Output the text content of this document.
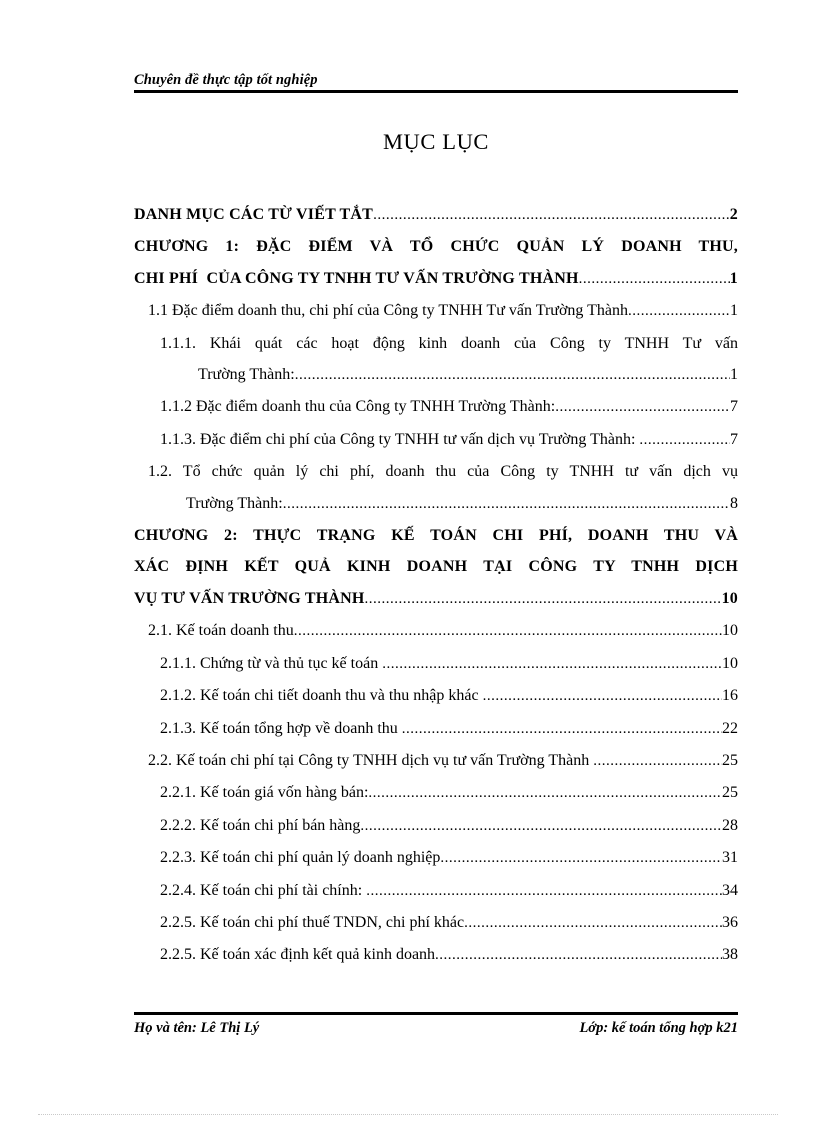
Chuyên đề thực tập tốt nghiệp
MỤC LỤC
DANH MỤC CÁC TỪ VIẾT TẮT .....	2
CHƯƠNG 1: ĐẶC ĐIỂM VÀ TỔ CHỨC QUẢN LÝ DOANH THU,
CHI PHÍ  CỦA CÔNG TY TNHH TƯ VẤN TRƯỜNG THÀNH .....	1
1.1 Đặc điểm doanh thu, chi phí của Công ty TNHH Tư vấn Trường Thành .....	1
1.1.1. Khái quát các hoạt động kinh doanh của Công ty TNHH Tư vấn
Trường Thành: .....	1
1.1.2 Đặc điểm doanh thu của Công ty TNHH Trường Thành: .....	7
1.1.3. Đặc điểm chi phí của Công ty TNHH tư vấn dịch vụ Trường Thành: .....	7
1.2. Tổ chức quản lý chi phí, doanh thu của Công ty TNHH tư vấn dịch vụ
Trường Thành: .....	8
CHƯƠNG 2: THỰC TRẠNG KẾ TOÁN CHI PHÍ, DOANH THU VÀ
XÁC ĐỊNH KẾT QUẢ KINH DOANH TẠI CÔNG TY TNHH DỊCH
VỤ TƯ VẤN TRƯỜNG THÀNH .....	10
2.1. Kế toán doanh thu .....	10
2.1.1. Chứng từ và thủ tục kế toán .....	10
2.1.2. Kế toán chi tiết doanh thu và thu nhập khác .....	16
2.1.3. Kế toán tổng hợp về doanh thu .....	22
2.2. Kế toán chi phí tại Công ty TNHH dịch vụ tư vấn Trường Thành .....	25
2.2.1. Kế toán giá vốn hàng bán: .....	25
2.2.2. Kế toán chi phí bán hàng .....	28
2.2.3. Kế toán chi phí quản lý doanh nghiệp .....	31
2.2.4. Kế toán chi phí tài chính: .....	34
2.2.5. Kế toán chi phí thuế TNDN, chi phí khác .....	36
2.2.5. Kế toán xác định kết quả kinh doanh .....	38
Họ và tên: Lê Thị Lý	Lớp: kế toán tổng hợp k21
